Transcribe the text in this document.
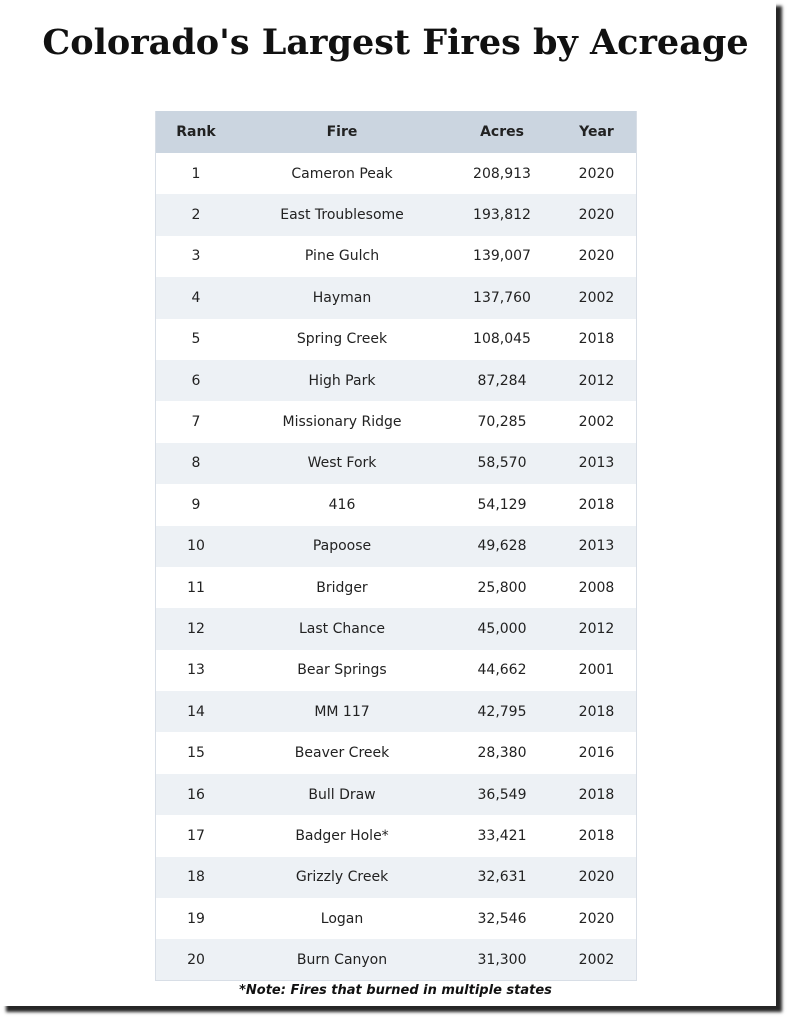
Colorado's Largest Fires by Acreage
Rank	Fire	Acres	Year
1	Cameron Peak	208,913	2020
2	East Troublesome	193,812	2020
3	Pine Gulch	139,007	2020
4	Hayman	137,760	2002
5	Spring Creek	108,045	2018
6	High Park	87,284	2012
7	Missionary Ridge	70,285	2002
8	West Fork	58,570	2013
9	416	54,129	2018
10	Papoose	49,628	2013
11	Bridger	25,800	2008
12	Last Chance	45,000	2012
13	Bear Springs	44,662	2001
14	MM 117	42,795	2018
15	Beaver Creek	28,380	2016
16	Bull Draw	36,549	2018
17	Badger Hole*	33,421	2018
18	Grizzly Creek	32,631	2020
19	Logan	32,546	2020
20	Burn Canyon	31,300	2002
*Note: Fires that burned in multiple states
